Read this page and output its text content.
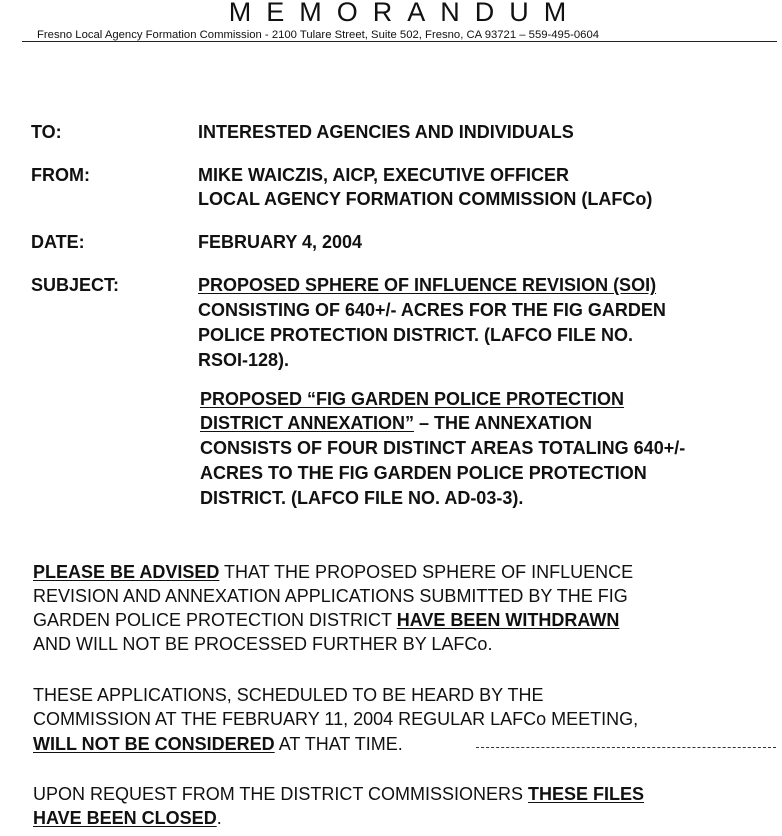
MEMORANDUM
Fresno Local Agency Formation Commission - 2100 Tulare Street, Suite 502, Fresno, CA 93721 – 559-495-0604
TO:	INTERESTED AGENCIES AND INDIVIDUALS
FROM:	MIKE WAICZIS, AICP, EXECUTIVE OFFICER
LOCAL AGENCY FORMATION COMMISSION (LAFCo)
DATE:	FEBRUARY 4, 2004
SUBJECT:	PROPOSED SPHERE OF INFLUENCE REVISION (SOI)
CONSISTING OF 640+/- ACRES FOR THE FIG GARDEN
POLICE PROTECTION DISTRICT. (LAFCO FILE NO.
RSOI-128).
PROPOSED “FIG GARDEN POLICE PROTECTION
DISTRICT ANNEXATION” – THE ANNEXATION
CONSISTS OF FOUR DISTINCT AREAS TOTALING 640+/-
ACRES TO THE FIG GARDEN POLICE PROTECTION
DISTRICT. (LAFCO FILE NO. AD-03-3).
PLEASE BE ADVISED THAT THE PROPOSED SPHERE OF INFLUENCE
REVISION AND ANNEXATION APPLICATIONS SUBMITTED BY THE FIG
GARDEN POLICE PROTECTION DISTRICT HAVE BEEN WITHDRAWN
AND WILL NOT BE PROCESSED FURTHER BY LAFCo.
THESE APPLICATIONS, SCHEDULED TO BE HEARD BY THE
COMMISSION AT THE FEBRUARY 11, 2004 REGULAR LAFCo MEETING,
WILL NOT BE CONSIDERED AT THAT TIME.
UPON REQUEST FROM THE DISTRICT COMMISSIONERS THESE FILES
HAVE BEEN CLOSED.
